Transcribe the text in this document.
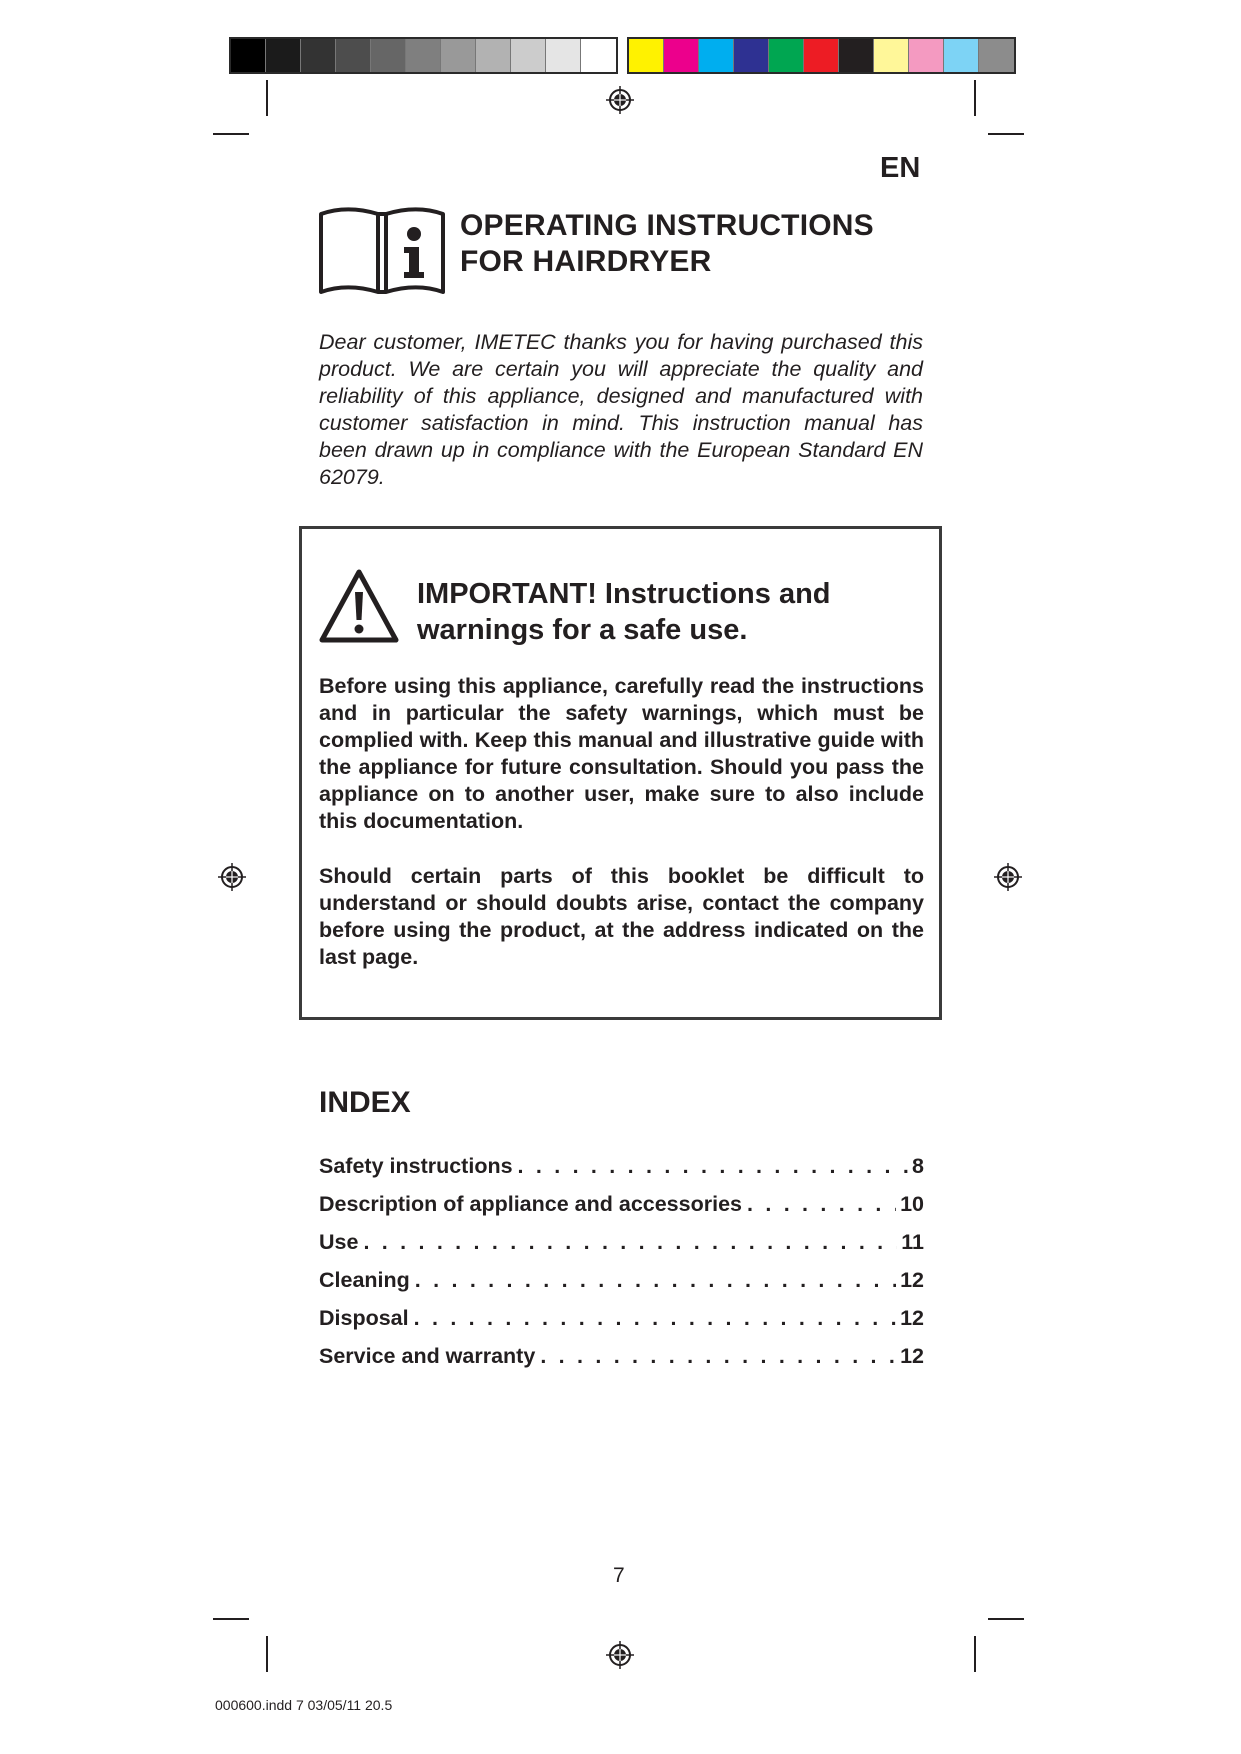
EN
OPERATING INSTRUCTIONS
FOR HAIRDRYER

Dear customer, IMETEC thanks you for having purchased this product. We are certain you will appreciate the quality and reliability of this appliance, designed and manufactured with customer satisfaction in mind. This instruction manual has been drawn up in compliance with the European Standard EN 62079.

IMPORTANT! Instructions and
warnings for a safe use.

Before using this appliance, carefully read the instructions and in particular the safety warnings, which must be complied with. Keep this manual and illustrative guide with the appliance for future consultation. Should you pass the appliance on to another user, make sure to also include this documentation.

Should certain parts of this booklet be difficult to understand or should doubts arise, contact the company before using the product, at the address indicated on the last page.

INDEX
Safety instructions . . .	8
Description of appliance and accessories . . .	10
Use . . .	11
Cleaning . . .	12
Disposal . . .	12
Service and warranty . . .	12
7
000600.indd 7 03/05/11 20.5
